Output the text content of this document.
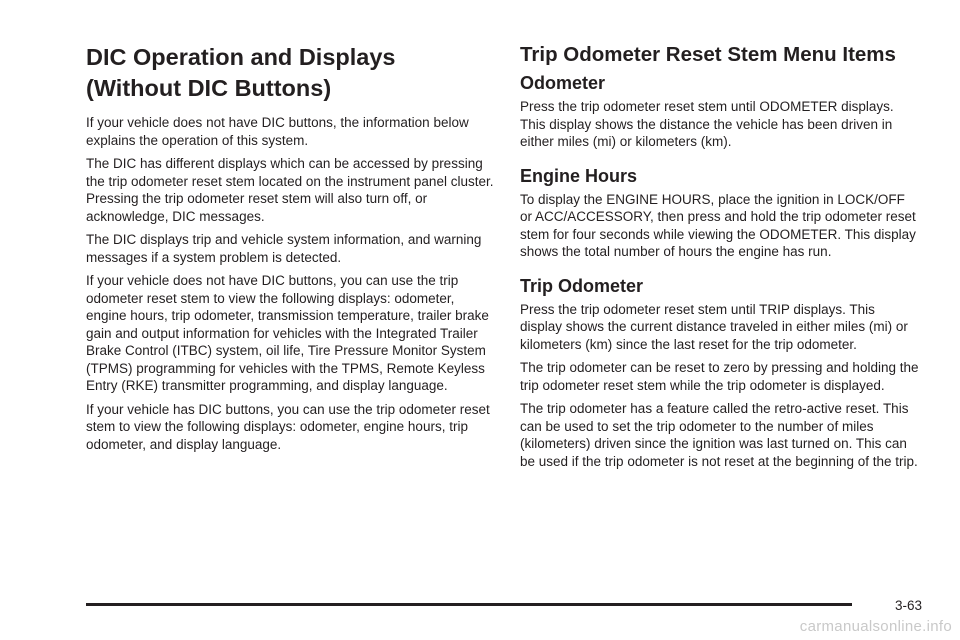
DIC Operation and Displays
(Without DIC Buttons)

If your vehicle does not have DIC buttons, the information below explains the operation of this system.

The DIC has different displays which can be accessed by pressing the trip odometer reset stem located on the instrument panel cluster. Pressing the trip odometer reset stem will also turn off, or acknowledge, DIC messages.

The DIC displays trip and vehicle system information, and warning messages if a system problem is detected.

If your vehicle does not have DIC buttons, you can use the trip odometer reset stem to view the following displays: odometer, engine hours, trip odometer, transmission temperature, trailer brake gain and output information for vehicles with the Integrated Trailer Brake Control (ITBC) system, oil life, Tire Pressure Monitor System (TPMS) programming for vehicles with the TPMS, Remote Keyless Entry (RKE) transmitter programming, and display language.

If your vehicle has DIC buttons, you can use the trip odometer reset stem to view the following displays: odometer, engine hours, trip odometer, and display language.

Trip Odometer Reset Stem Menu Items
Odometer

Press the trip odometer reset stem until ODOMETER displays. This display shows the distance the vehicle has been driven in either miles (mi) or kilometers (km).

Engine Hours

To display the ENGINE HOURS, place the ignition in LOCK/OFF or ACC/ACCESSORY, then press and hold the trip odometer reset stem for four seconds while viewing the ODOMETER. This display shows the total number of hours the engine has run.

Trip Odometer

Press the trip odometer reset stem until TRIP displays. This display shows the current distance traveled in either miles (mi) or kilometers (km) since the last reset for the trip odometer.

The trip odometer can be reset to zero by pressing and holding the trip odometer reset stem while the trip odometer is displayed.

The trip odometer has a feature called the retro-active reset. This can be used to set the trip odometer to the number of miles (kilometers) driven since the ignition was last turned on. This can be used if the trip odometer is not reset at the beginning of the trip.

3-63
carmanualsonline.info
